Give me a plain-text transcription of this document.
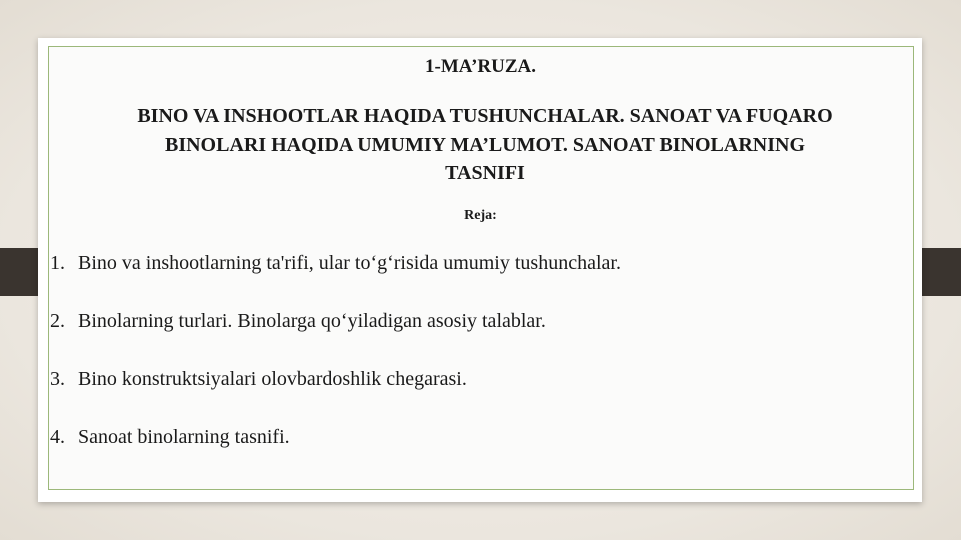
1-MA’RUZA.
BINO VA INSHOOTLAR HAQIDA TUSHUNCHALAR. SANOAT VA FUQARO
BINOLARI HAQIDA UMUMIY MA’LUMOT. SANOAT BINOLARNING
TASNIFI
Reja:
1. Bino va inshootlarning ta'rifi, ular to‘g‘risida umumiy tushunchalar.
2. Binolarning turlari. Binolarga qo‘yiladigan asosiy talablar.
3. Bino konstruktsiyalari olovbardoshlik chegarasi.
4. Sanoat binolarning tasnifi.
